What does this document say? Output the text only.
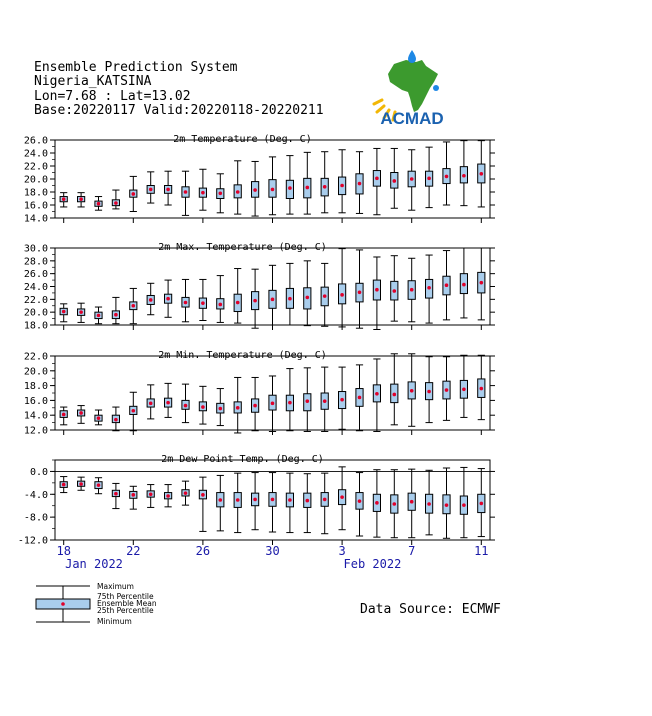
Ensemble Prediction System
Nigeria_KATSINA
Lon=7.68 : Lat=13.02
Base:20220117 Valid:20220118-20220211	ACMAD
2m Temperature (Deg. C)
14.0
16.0
18.0
20.0
22.0
24.0
26.0
2m Max. Temperature (Deg. C)
18.0
20.0
22.0
24.0
26.0
28.0
30.0
2m Min. Temperature (Deg. C)
12.0
14.0
16.0
18.0
20.0
22.0
2m Dew Point Temp. (Deg. C)
-12.0
-8.0
-4.0
0.0
18	22	26	30	3	7	11
Jan 2022	Feb 2022
Maximum
75th Percentile
Ensemble Mean
25th Percentile
Minimum
Data Source: ECMWF
